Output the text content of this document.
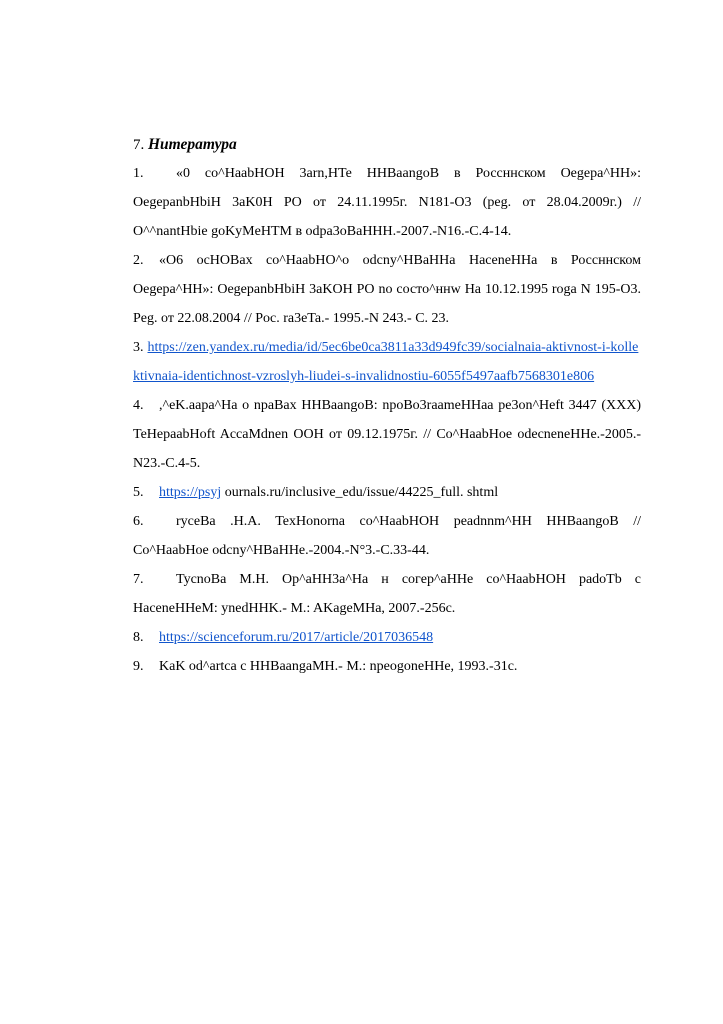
7. Нитература

1. «0 co^HaabHOH 3arn,HTe HHBaangoB в Россннском Oegepa^HH»: OegepanbHbiH 3aK0H PO от 24.11.1995г. N181-O3 (peg. от 28.04.2009г.) // O^^nantHbie goKyMeHTM в odpa3oBaHHH.-2007.-N16.-C.4-14.

2. «O6 ocHOBax co^HaabHO^o odcny^HBaHHa HaceneHHa в Россннском Oegepa^HH»: OegepanbHbiH 3aKOH PO no состо^ннw Ha 10.12.1995 roga N 195-O3. Peg. от 22.08.2004 // Poc. ra3eTa.- 1995.-N 243.- C. 23.

3. https://zen.yandex.ru/media/id/5ec6be0ca3811a33d949fc39/socialnaia-aktivnost-i-kollektivnaia-identichnost-vzroslyh-liudei-s-invalidnostiu-6055f5497aafb7568301e806

4. ,^eK.aapa^Ha o npaBax HHBaangoB: npoBo3raameHHaa pe3on^Heft 3447 (XXX) TeHepaabHoft AccaMdnen OOH от 09.12.1975г. // Co^HaabHoe odecneneHHe.-2005.-N23.-C.4-5.

5. https://psyj ournals.ru/inclusive_edu/issue/44225_full. shtml

6. ryceBa .H.A. TexHonorna co^HaabHOH peadnnm^HH HHBaangoB // Co^HaabHoe odcny^HBaHHe.-2004.-N°3.-C.33-44.

7. TycnoBa M.H. Op^aHH3a^Ha н coгep^aHHe co^HaabHOH padoTb c HaceneHHeM: ynedHHK.- M.: AKageMHa, 2007.-256c.

8. https://scienceforum.ru/2017/article/2017036548

9. KaK od^artca c HHBaangaMH.- M.: npeogoneHHe, 1993.-31c.
